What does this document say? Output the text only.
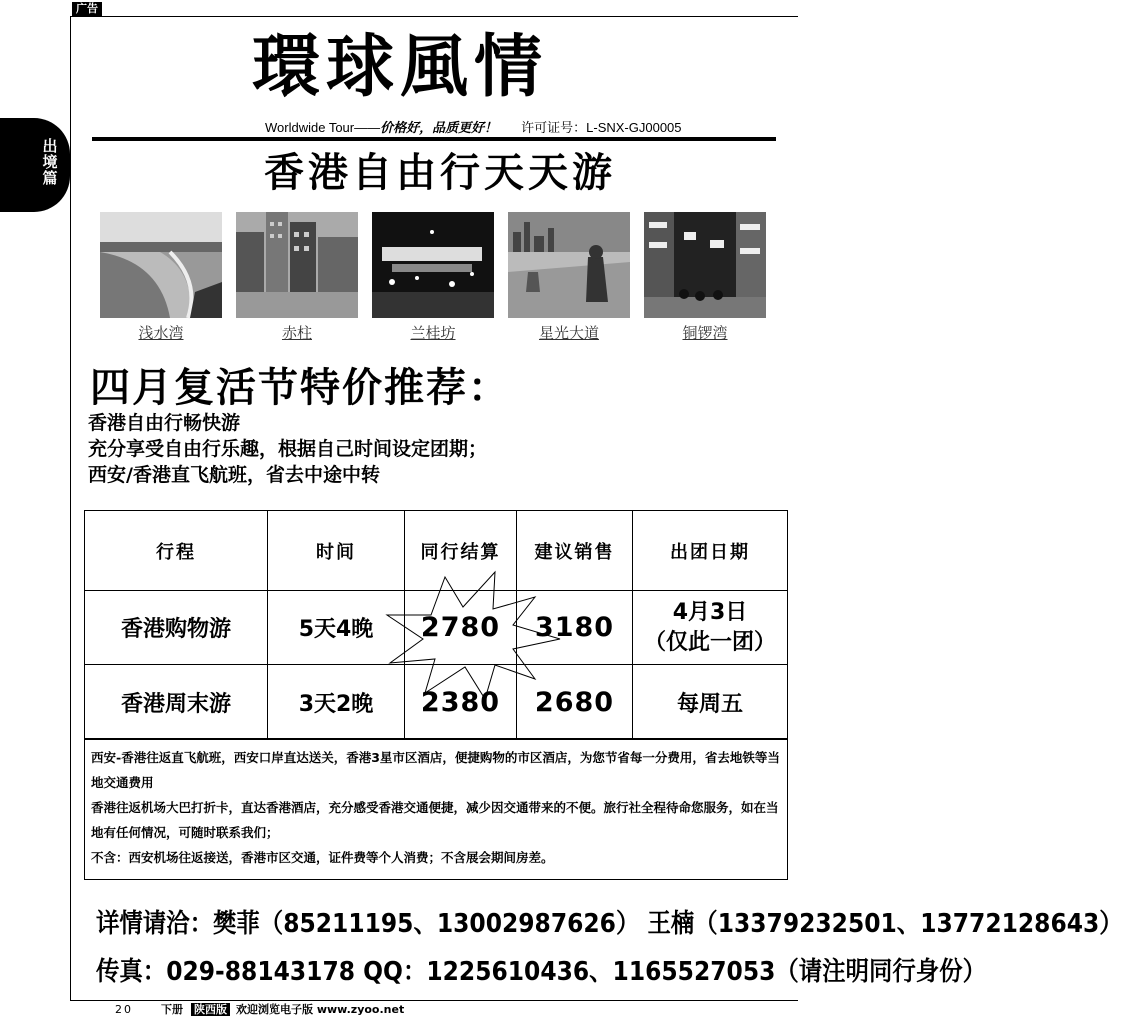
广告
出境篇
環球風情
Worldwide Tour——价格好，品质更好！ 许可证号：L-SNX-GJ00005
香港自由行天天游
浅水湾	赤柱	兰桂坊	星光大道	铜锣湾
四月复活节特价推荐：
香港自由行畅快游
充分享受自由行乐趣，根据自己时间设定团期；
西安/香港直飞航班，省去中途中转
行程	时间	同行结算	建议销售	出团日期
香港购物游	5天4晚	2780	3180	4月3日
（仅此一团）
香港周末游	3天2晚	2380	2680	每周五
西安-香港往返直飞航班，西安口岸直达送关，香港3星市区酒店，便捷购物的市区酒店，为您节省每一分费用，省去地铁等当地交通费用
香港往返机场大巴打折卡，直达香港酒店，充分感受香港交通便捷，减少因交通带来的不便。旅行社全程待命您服务，如在当地有任何情况，可随时联系我们；
不含：西安机场往返接送，香港市区交通，证件费等个人消费；不含展会期间房差。
详情请洽：樊菲（85211195、13002987626） 王楠（13379232501、13772128643）
传真：029-88143178 QQ：1225610436、1165527053（请注明同行身份）
20	下册 陕西版 欢迎浏览电子版 www.zyoo.net
